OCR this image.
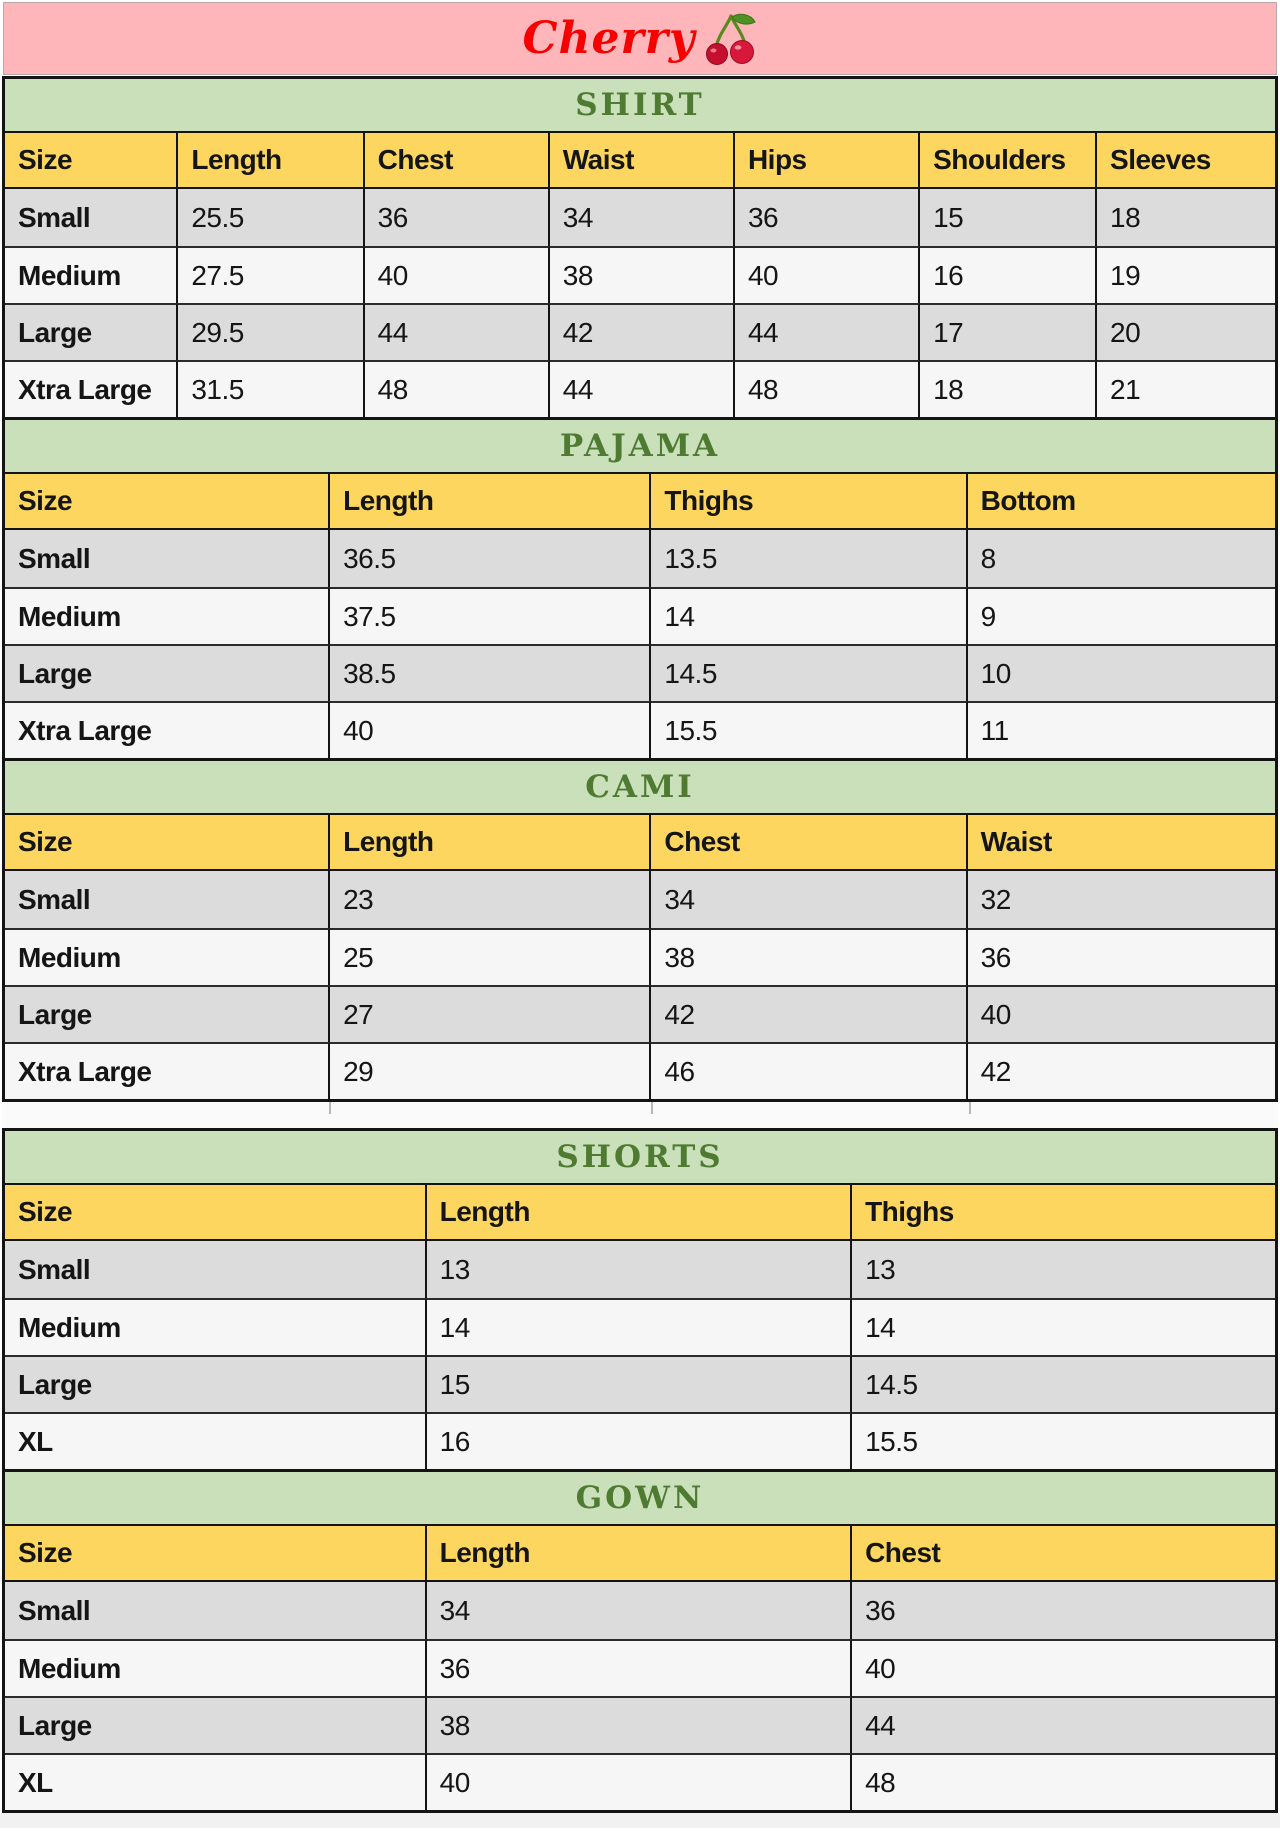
Cherry
SHIRT
Size	Length	Chest	Waist	Hips	Shoulders	Sleeves
Small	25.5	36	34	36	15	18
Medium	27.5	40	38	40	16	19
Large	29.5	44	42	44	17	20
Xtra Large	31.5	48	44	48	18	21
PAJAMA
Size	Length	Thighs	Bottom
Small	36.5	13.5	8
Medium	37.5	14	9
Large	38.5	14.5	10
Xtra Large	40	15.5	11
CAMI
Size	Length	Chest	Waist
Small	23	34	32
Medium	25	38	36
Large	27	42	40
Xtra Large	29	46	42
SHORTS
Size	Length	Thighs
Small	13	13
Medium	14	14
Large	15	14.5
XL	16	15.5
GOWN
Size	Length	Chest
Small	34	36
Medium	36	40
Large	38	44
XL	40	48
